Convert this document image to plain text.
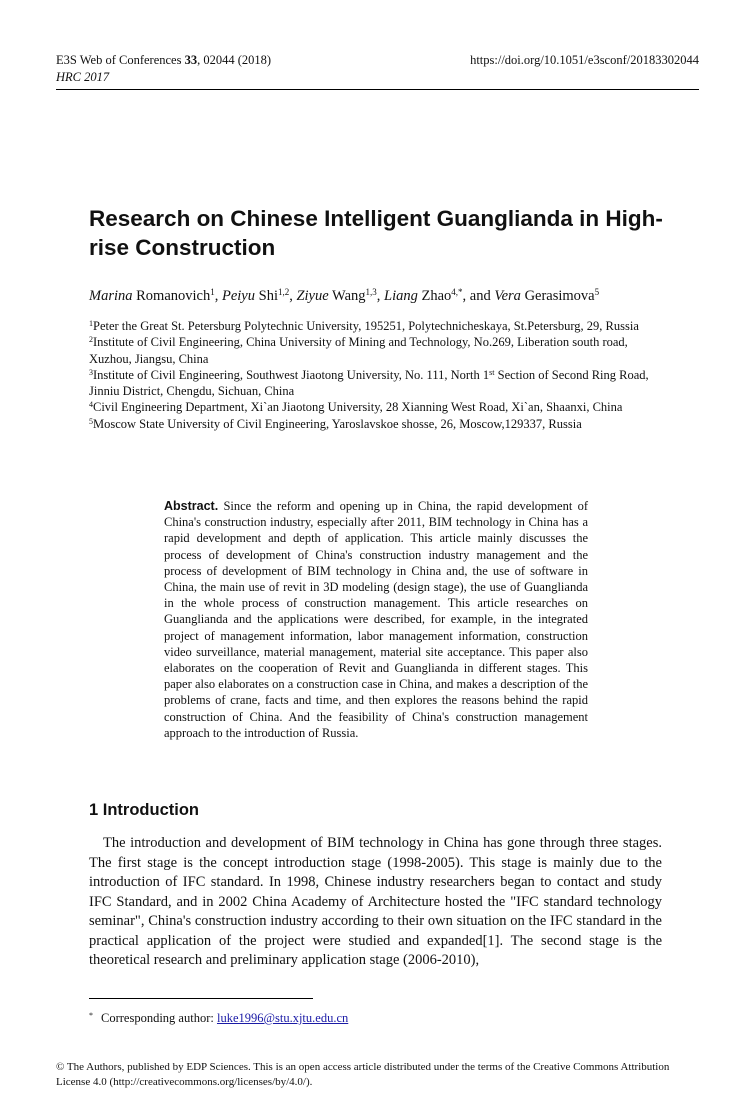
E3S Web of Conferences 33, 02044 (2018)
HRC 2017
https://doi.org/10.1051/e3sconf/20183302044
Research on Chinese Intelligent Guanglianda in High-rise Construction
Marina Romanovich$^1$, Peiyu Shi$^{1,2}$, Ziyue Wang$^{1,3}$, Liang Zhao$^{4,*}$, and Vera Gerasimova$^5$

$^1$Peter the Great St. Petersburg Polytechnic University, 195251, Polytechnicheskaya, St.Petersburg, 29, Russia

$^2$Institute of Civil Engineering, China University of Mining and Technology, No.269, Liberation south road, Xuzhou, Jiangsu, China

$^3$Institute of Civil Engineering, Southwest Jiaotong University, No. 111, North 1st Section of Second Ring Road, Jinniu District, Chengdu, Sichuan, China

$^4$Civil Engineering Department, Xi`an Jiaotong University, 28 Xianning West Road, Xi`an, Shaanxi, China

$^5$Moscow State University of Civil Engineering, Yaroslavskoe shosse, 26, Moscow,129337, Russia

Abstract. Since the reform and opening up in China, the rapid development of China's construction industry, especially after 2011, BIM technology in China has a rapid development and depth of application. This article mainly discusses the process of development of China's construction industry management and the process of development of BIM technology in China and, the use of software in China, the main use of revit in 3D modeling (design stage), the use of Guanglianda in the whole process of construction management. This article researches on Guanglianda and the applications were described, for example, in the integrated project of management information, labor management information, construction video surveillance, material management, material site acceptance. This paper also elaborates on the cooperation of Revit and Guanglianda in different stages. This paper also elaborates on a construction case in China, and makes a description of the problems of crane, facts and time, and then explores the reasons behind the rapid construction of China. And the feasibility of China's construction management approach to the introduction of Russia.
1 Introduction

The introduction and development of BIM technology in China has gone through three stages. The first stage is the concept introduction stage (1998-2005). This stage is mainly due to the introduction of IFC standard. In 1998, Chinese industry researchers began to contact and study IFC Standard, and in 2002 China Academy of Architecture hosted the "IFC standard technology seminar", China's construction industry according to their own situation on the IFC standard in the practical application of the project were studied and expanded[1]. The second stage is the theoretical research and preliminary application stage (2006-2010),

* Corresponding author: luke1996@stu.xjtu.edu.cn
© The Authors, published by EDP Sciences. This is an open access article distributed under the terms of the Creative Commons Attribution License 4.0 (http://creativecommons.org/licenses/by/4.0/).
